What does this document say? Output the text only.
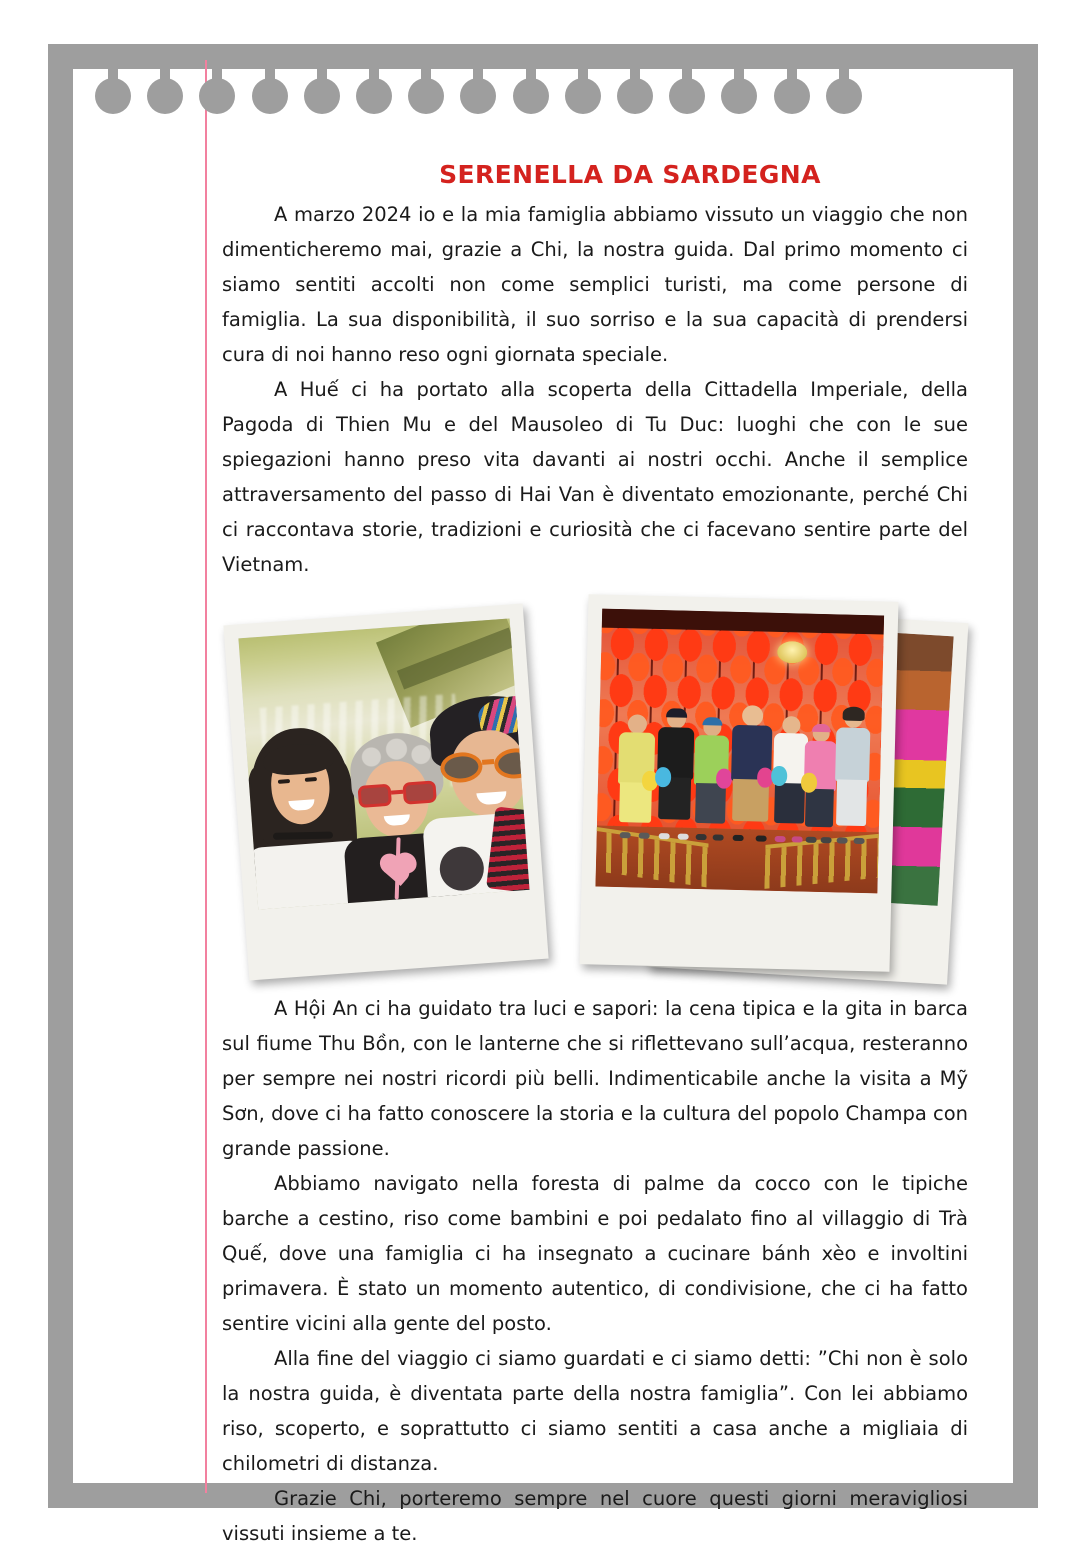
SERENELLA DA SARDEGNA

A marzo 2024 io e la mia famiglia abbiamo vissuto un viaggio che non dimenticheremo mai, grazie a Chi, la nostra guida. Dal primo momento ci siamo sentiti accolti non come semplici turisti, ma come persone di famiglia. La sua disponibilità, il suo sorriso e la sua capacità di prendersi cura di noi hanno reso ogni giornata speciale.

A Huế ci ha portato alla scoperta della Cittadella Imperiale, della Pagoda di Thien Mu e del Mausoleo di Tu Duc: luoghi che con le sue spiegazioni hanno preso vita davanti ai nostri occhi. Anche il semplice attraversamento del passo di Hai Van è diventato emozionante, perché Chi ci raccontava storie, tradizioni e curiosità che ci facevano sentire parte del Vietnam.

A Hội An ci ha guidato tra luci e sapori: la cena tipica e la gita in barca sul fiume Thu Bồn, con le lanterne che si riflettevano sull’acqua, resteranno per sempre nei nostri ricordi più belli. Indimenticabile anche la visita a Mỹ Sơn, dove ci ha fatto conoscere la storia e la cultura del popolo Champa con grande passione.

Abbiamo navigato nella foresta di palme da cocco con le tipiche barche a cestino, riso come bambini e poi pedalato fino al villaggio di Trà Quế, dove una famiglia ci ha insegnato a cucinare bánh xèo e involtini primavera. È stato un momento autentico, di condivisione, che ci ha fatto sentire vicini alla gente del posto.

Alla fine del viaggio ci siamo guardati e ci siamo detti: ”Chi non è solo la nostra guida, è diventata parte della nostra famiglia”. Con lei abbiamo riso, scoperto, e soprattutto ci siamo sentiti a casa anche a migliaia di chilometri di distanza.

Grazie Chi, porteremo sempre nel cuore questi giorni meravigliosi vissuti insieme a te.
